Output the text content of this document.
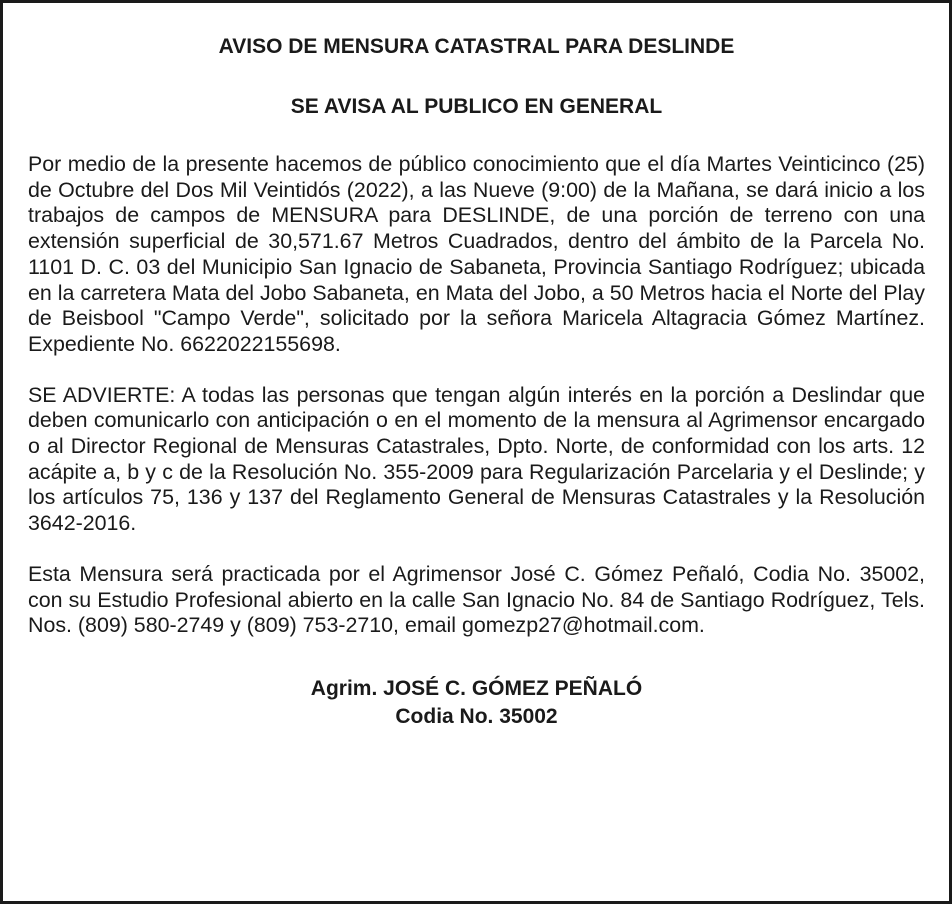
AVISO DE MENSURA CATASTRAL PARA DESLINDE
SE AVISA AL PUBLICO EN GENERAL

Por medio de la presente hacemos de público conocimiento que el día Martes Veinticinco (25) de Octubre del Dos Mil Veintidós (2022), a las Nueve (9:00) de la Mañana, se dará inicio a los trabajos de campos de MENSURA para DESLINDE, de una porción de terreno con una extensión superficial de 30,571.67 Metros Cuadrados, dentro del ámbito de la Parcela No. 1101 D. C. 03 del Municipio San Ignacio de Sabaneta, Provincia Santiago Rodríguez; ubicada en la carretera Mata del Jobo Sabaneta, en Mata del Jobo, a 50 Metros hacia el Norte del Play de Beisbool "Campo Verde", solicitado por la señora Maricela Altagracia Gómez Martínez. Expediente No. 6622022155698.

SE ADVIERTE: A todas las personas que tengan algún interés en la porción a Deslindar que deben comunicarlo con anticipación o en el momento de la mensura al Agrimensor encargado o al Director Regional de Mensuras Catastrales, Dpto. Norte, de conformidad con los arts. 12 acápite a, b y c de la Resolución No. 355-2009 para Regularización Parcelaria y el Deslinde; y los artículos 75, 136 y 137 del Reglamento General de Mensuras Catastrales y la Resolución 3642-2016.

Esta Mensura será practicada por el Agrimensor José C. Gómez Peñaló, Codia No. 35002, con su Estudio Profesional abierto en la calle San Ignacio No. 84 de Santiago Rodríguez, Tels. Nos. (809) 580-2749 y (809) 753-2710, email gomezp27@hotmail.com.

Agrim. JOSÉ C. GÓMEZ PEÑALÓ
Codia No. 35002
